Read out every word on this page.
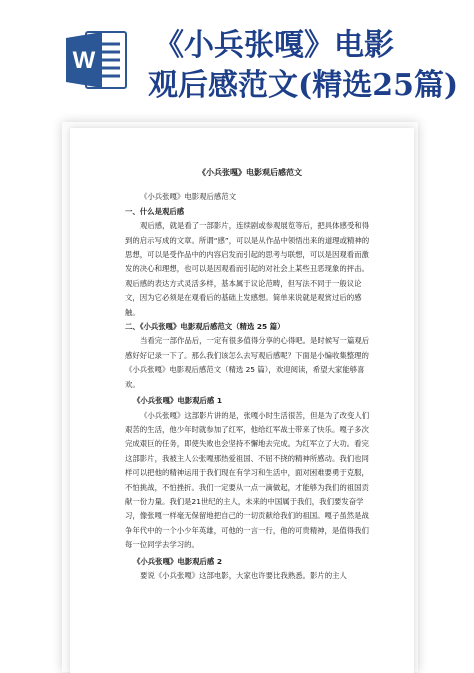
W 《小兵张嘎》电影
观后感范文(精选25篇)

《小兵张嘎》电影观后感范文

《小兵张嘎》电影观后感范文

一、什么是观后感

观后感，就是看了一部影片，连续剧或参观展览等后，把具体感受和得到的启示写成的文章。所谓“感”，可以是从作品中领悟出来的道理或精神的思想，可以是受作品中的内容启发而引起的思考与联想，可以是因观看而激发的决心和理想，也可以是因观看而引起的对社会上某些丑恶现象的抨击。观后感的表达方式灵活多样，基本属于议论范畴，但写法不同于一般议论文，因为它必须是在观看后的基础上发感想。简单来说就是观赏过后的感触。

二、《小兵张嘎》电影观后感范文（精选 25 篇）

当看完一部作品后，一定有很多值得分享的心得吧。是时候写一篇观后感好好记录一下了。那么我们该怎么去写观后感呢？下面是小编收集整理的《小兵张嘎》电影观后感范文（精选 25 篇），欢迎阅读，希望大家能够喜欢。

《小兵张嘎》电影观后感 1

《小兵张嘎》这部影片讲的是，张嘎小时生活很苦，但是为了改变人们艰苦的生活，他少年时就参加了红军，他给红军战士带来了快乐。嘎子多次完成艰巨的任务，即使失败也会坚持不懈地去完成。为红军立了大功。看完这部影片，我被主人公张嘎那热爱祖国、不屈不挠的精神所感动。我们也同样可以把他的精神运用于我们现在有学习和生活中，面对困难要勇于克服，不怕挑战，不怕挫折。我们一定要从一点一滴做起，才能够为我们的祖国贡献一份力量。我们是21世纪的主人，未来的中国属于我们，我们要发奋学习，像张嘎一样毫无保留地把自己的一切贡献给我们的祖国。嘎子虽然是战争年代中的一个小少年英雄，可他的一言一行，他的可贵精神，是值得我们每一位同学去学习的。

《小兵张嘎》电影观后感 2

要说《小兵张嘎》这部电影，大家也许要比我熟悉。影片的主人
